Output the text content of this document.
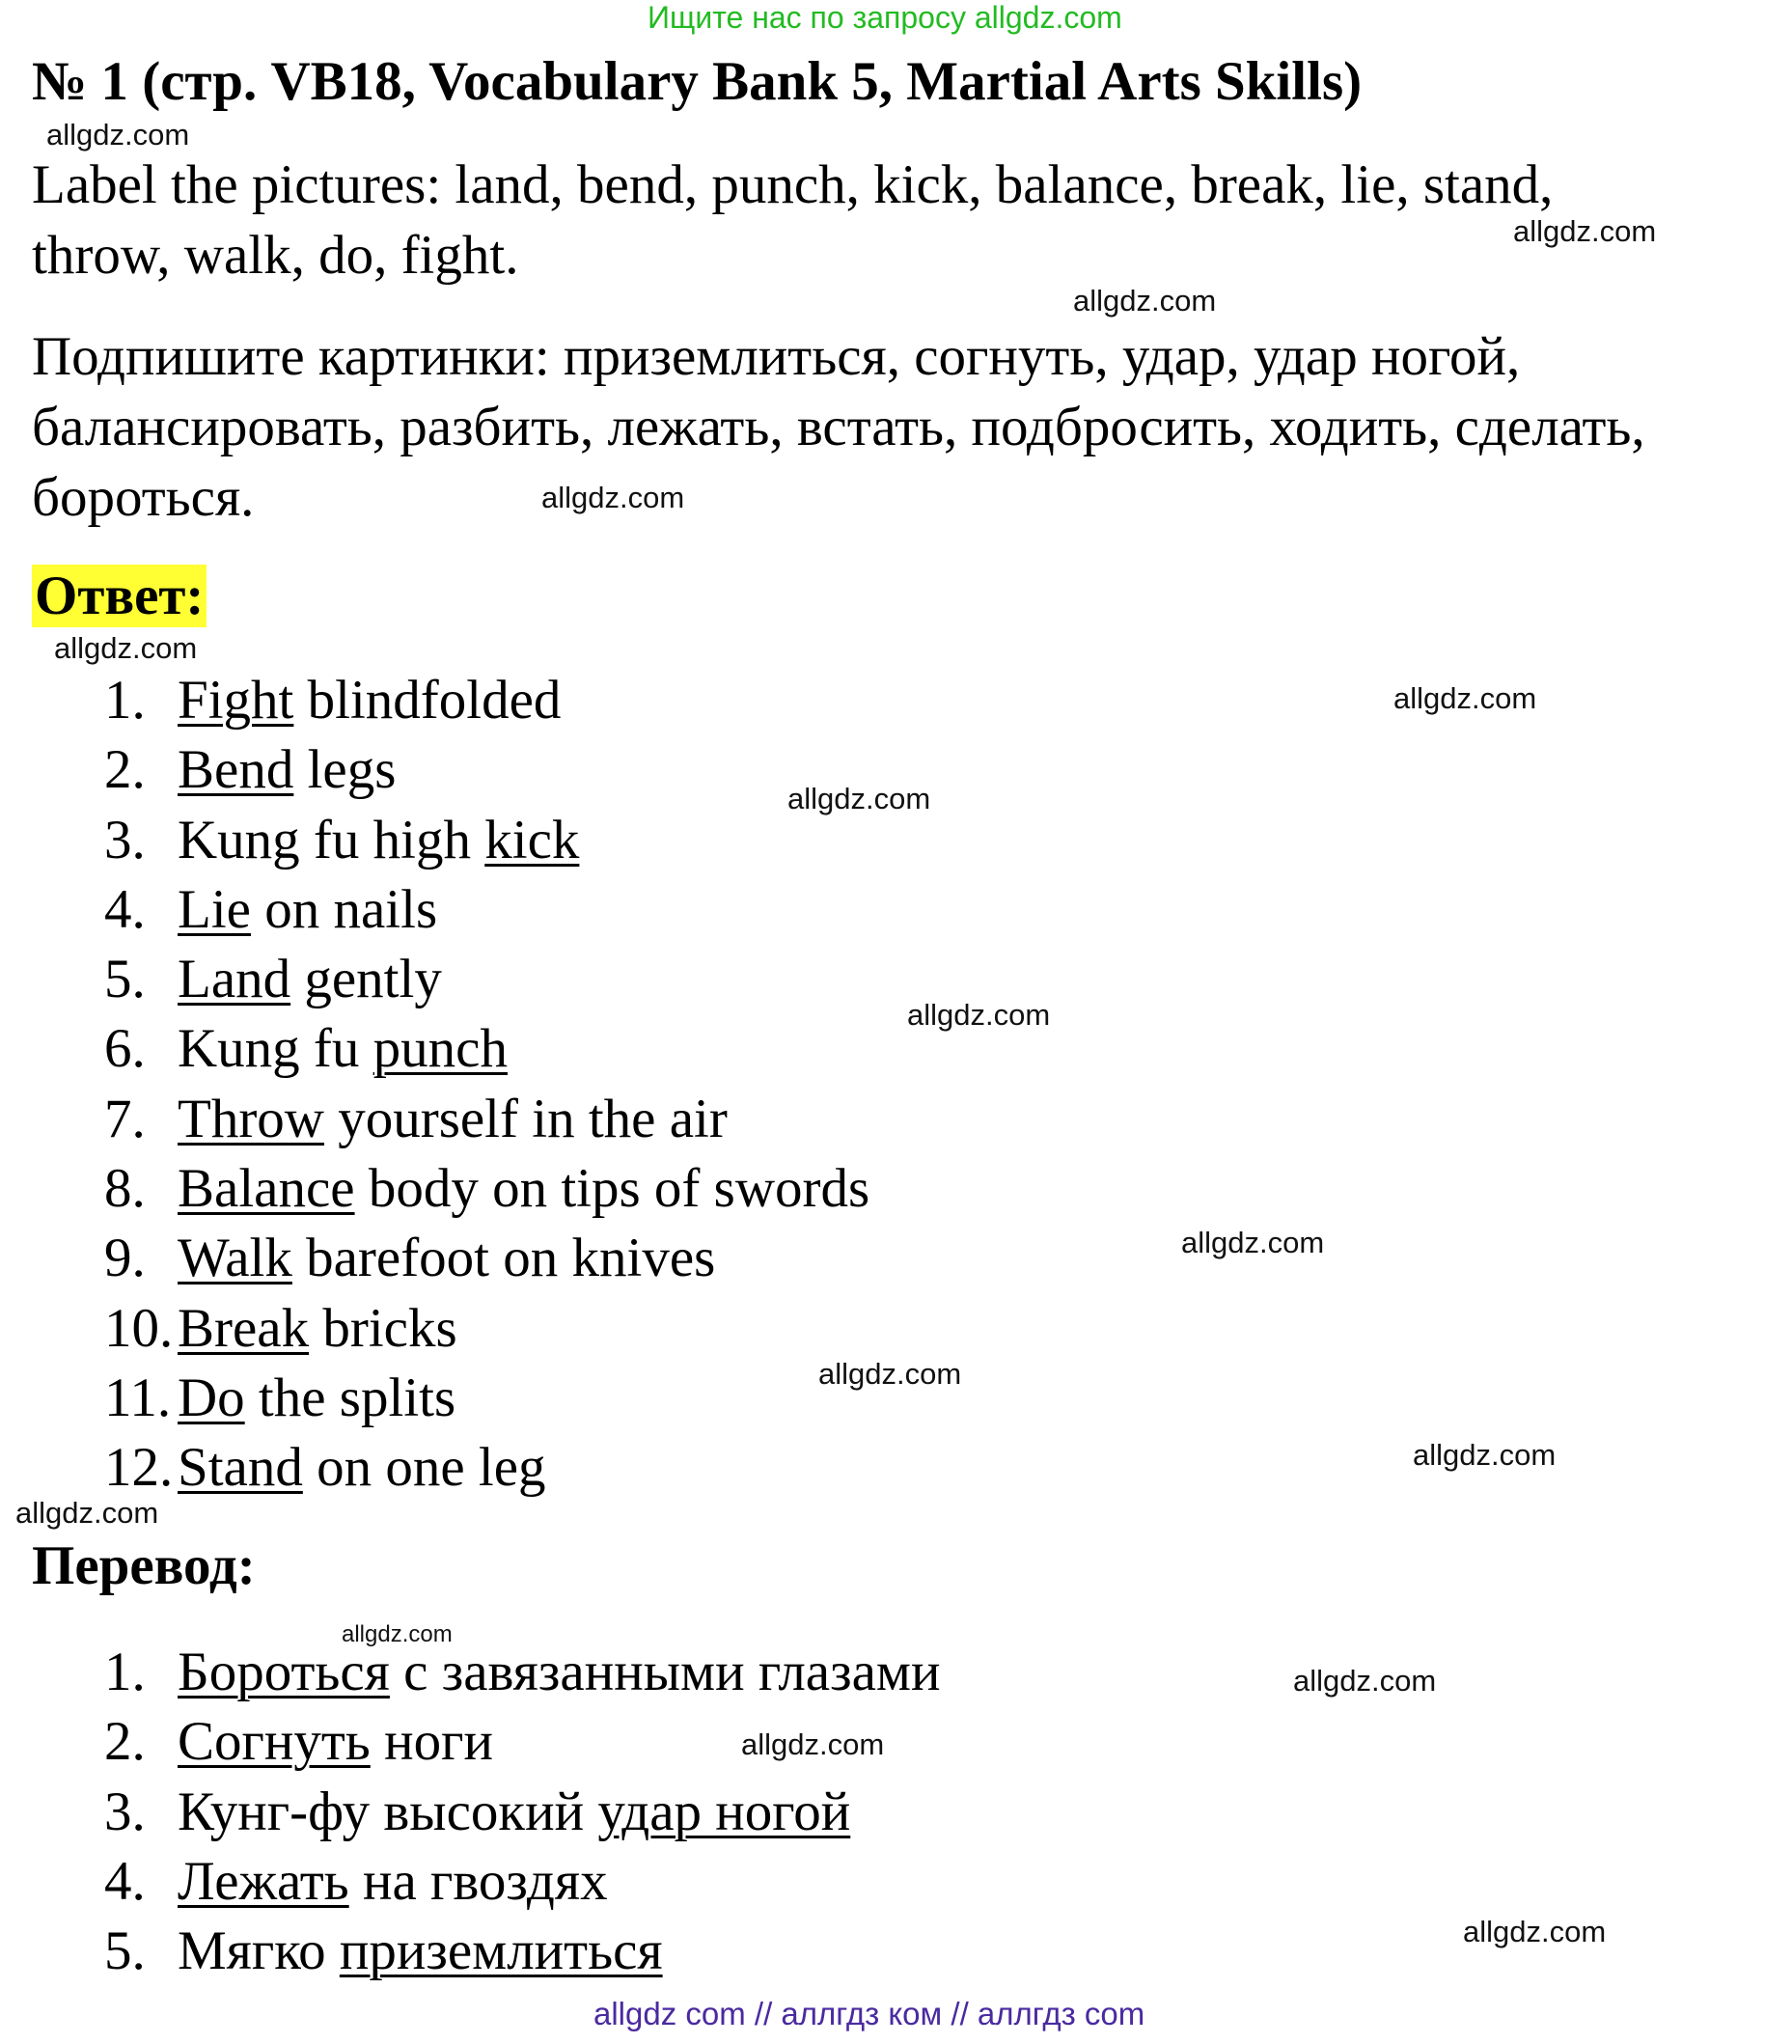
Ищите нас по запросу allgdz.com
№ 1 (стр. VB18, Vocabulary Bank 5, Martial Arts Skills)
Label the pictures: land, bend, punch, kick, balance, break, lie, stand, throw, walk, do, fight.
Подпишите картинки: приземлиться, согнуть, удар, удар ногой, балансировать, разбить, лежать, встать, подбросить, ходить, сделать, бороться.
Ответ:
1. Fight blindfolded
2. Bend legs
3. Kung fu high kick
4. Lie on nails
5. Land gently
6. Kung fu punch
7. Throw yourself in the air
8. Balance body on tips of swords
9. Walk barefoot on knives
10. Break bricks
11. Do the splits
12. Stand on one leg
Перевод:
1. Бороться с завязанными глазами
2. Согнуть ноги
3. Кунг-фу высокий удар ногой
4. Лежать на гвоздях
5. Мягко приземлиться
allgdz.com
allgdz.com
allgdz.com
allgdz.com
allgdz.com
allgdz.com
allgdz.com
allgdz.com
allgdz.com
allgdz.com
allgdz.com
allgdz.com
allgdz.com
allgdz.com
allgdz.com
allgdz.com
allgdz com // аллгдз ком // аллгдз com
